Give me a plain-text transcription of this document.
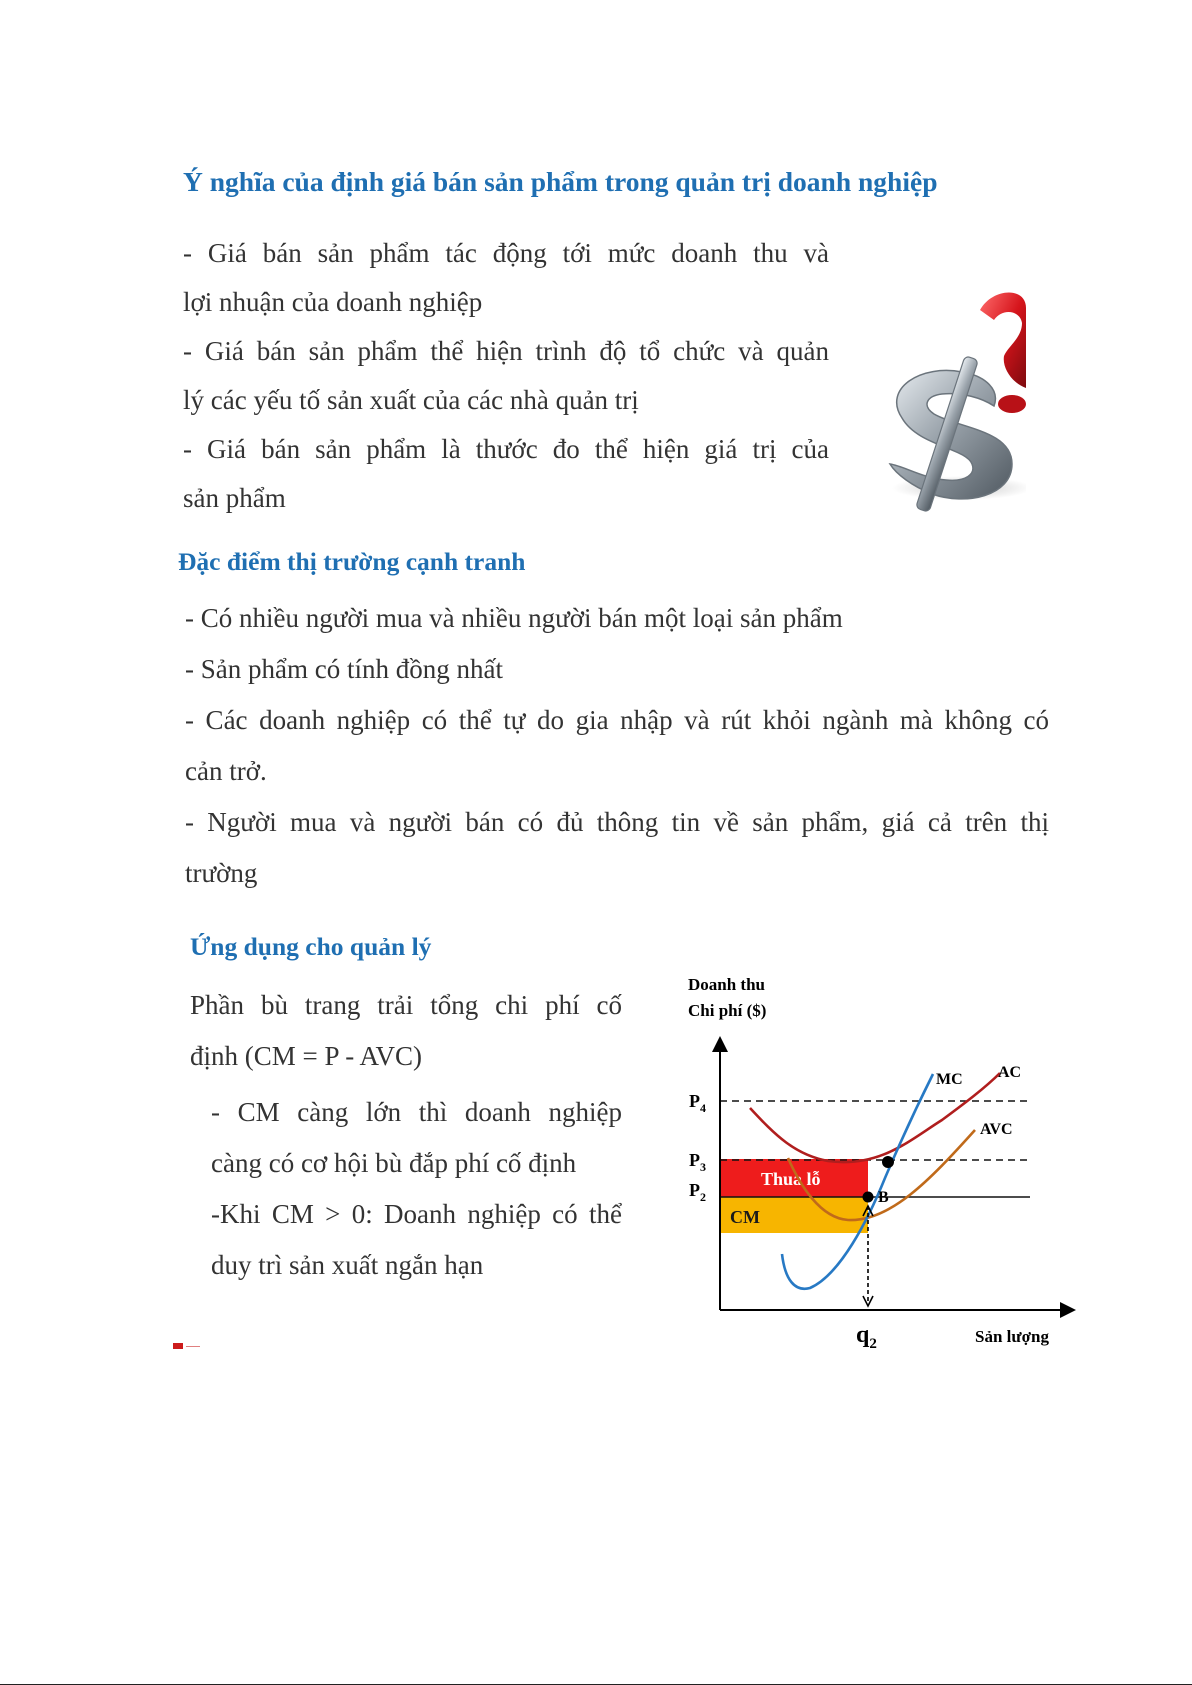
Ý nghĩa của định giá bán sản phẩm trong quản trị doanh nghiệp
- Giá bán sản phẩm tác động tới mức doanh thu và
lợi nhuận của doanh nghiệp
- Giá bán sản phẩm thể hiện trình độ tổ chức và quản
lý các yếu tố sản xuất của các nhà quản trị
- Giá bán sản phẩm là thước đo thể hiện giá trị của
sản phẩm
Đặc điểm thị trường cạnh tranh
- Có nhiều người mua và nhiều người bán một loại sản phẩm
- Sản phẩm có tính đồng nhất
- Các doanh nghiệp có thể tự do gia nhập và rút khỏi ngành mà không có
cản trở.
- Người mua và người bán có đủ thông tin về sản phẩm, giá cả trên thị
trường
Ứng dụng cho quản lý
Phần bù trang trải tổng chi phí cố
định (CM = P - AVC)
- CM càng lớn thì doanh nghiệp
càng có cơ hội bù đắp phí cố định
-Khi CM > 0: Doanh nghiệp có thể
duy trì sản xuất ngắn hạn
Doanh thu
Chi phí ($)
Thua lỗ
CM
$P_4$
$P_3$
$P_2$
MC AC
AVC
B
$q_2$	Sản lượng
